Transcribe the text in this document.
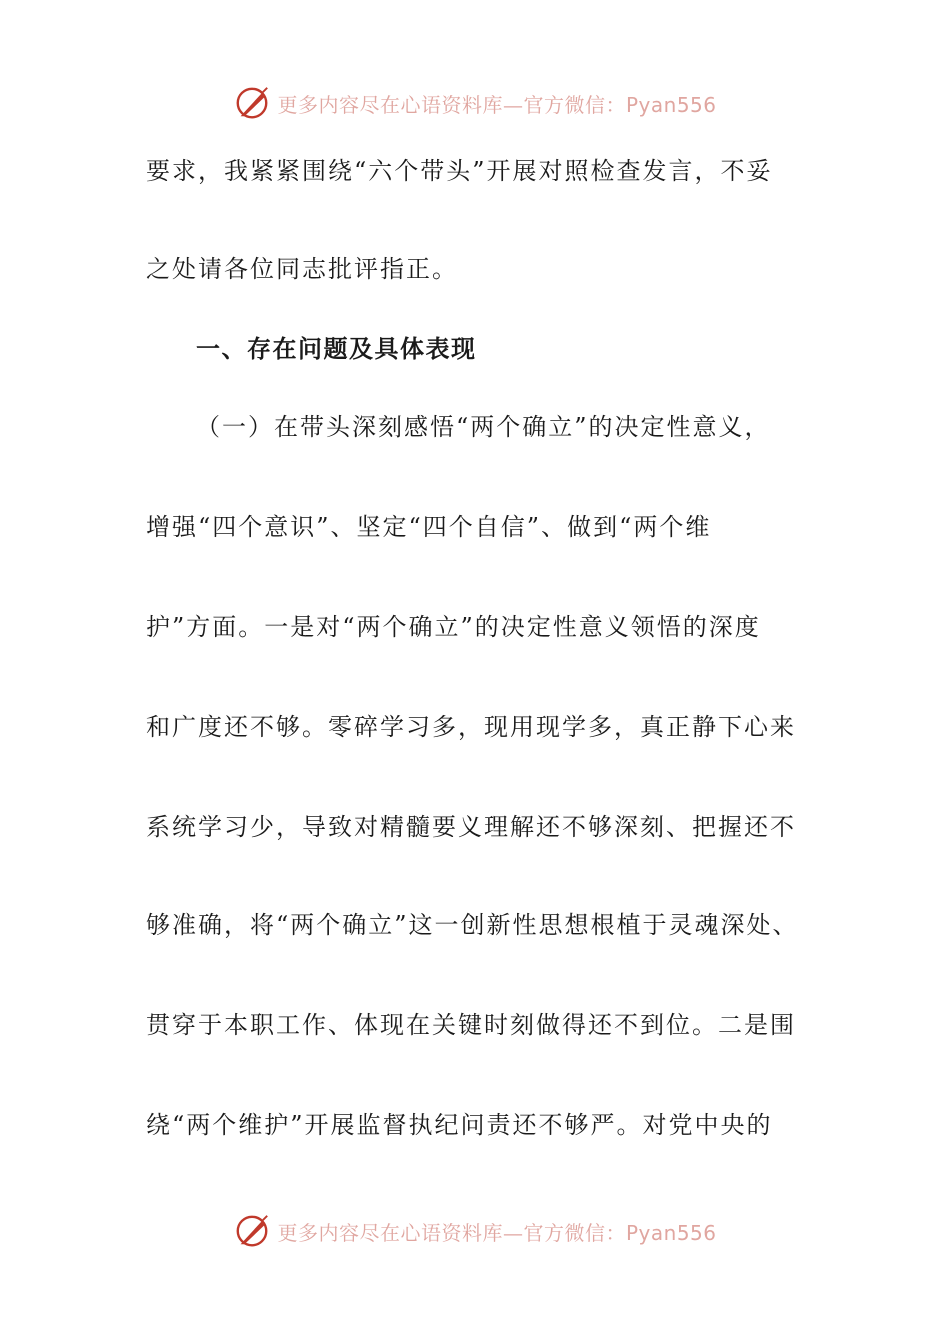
更多内容尽在心语资料库—官方微信：Pyan556
要求，我紧紧围绕“六个带头”开展对照检查发言，不妥
之处请各位同志批评指正。
一、存在问题及具体表现
（一）在带头深刻感悟“两个确立”的决定性意义，
增强“四个意识”、坚定“四个自信”、做到“两个维
护”方面。一是对“两个确立”的决定性意义领悟的深度
和广度还不够。零碎学习多，现用现学多，真正静下心来
系统学习少，导致对精髓要义理解还不够深刻、把握还不
够准确，将“两个确立”这一创新性思想根植于灵魂深处、
贯穿于本职工作、体现在关键时刻做得还不到位。二是围
绕“两个维护”开展监督执纪问责还不够严。对党中央的
更多内容尽在心语资料库—官方微信：Pyan556
